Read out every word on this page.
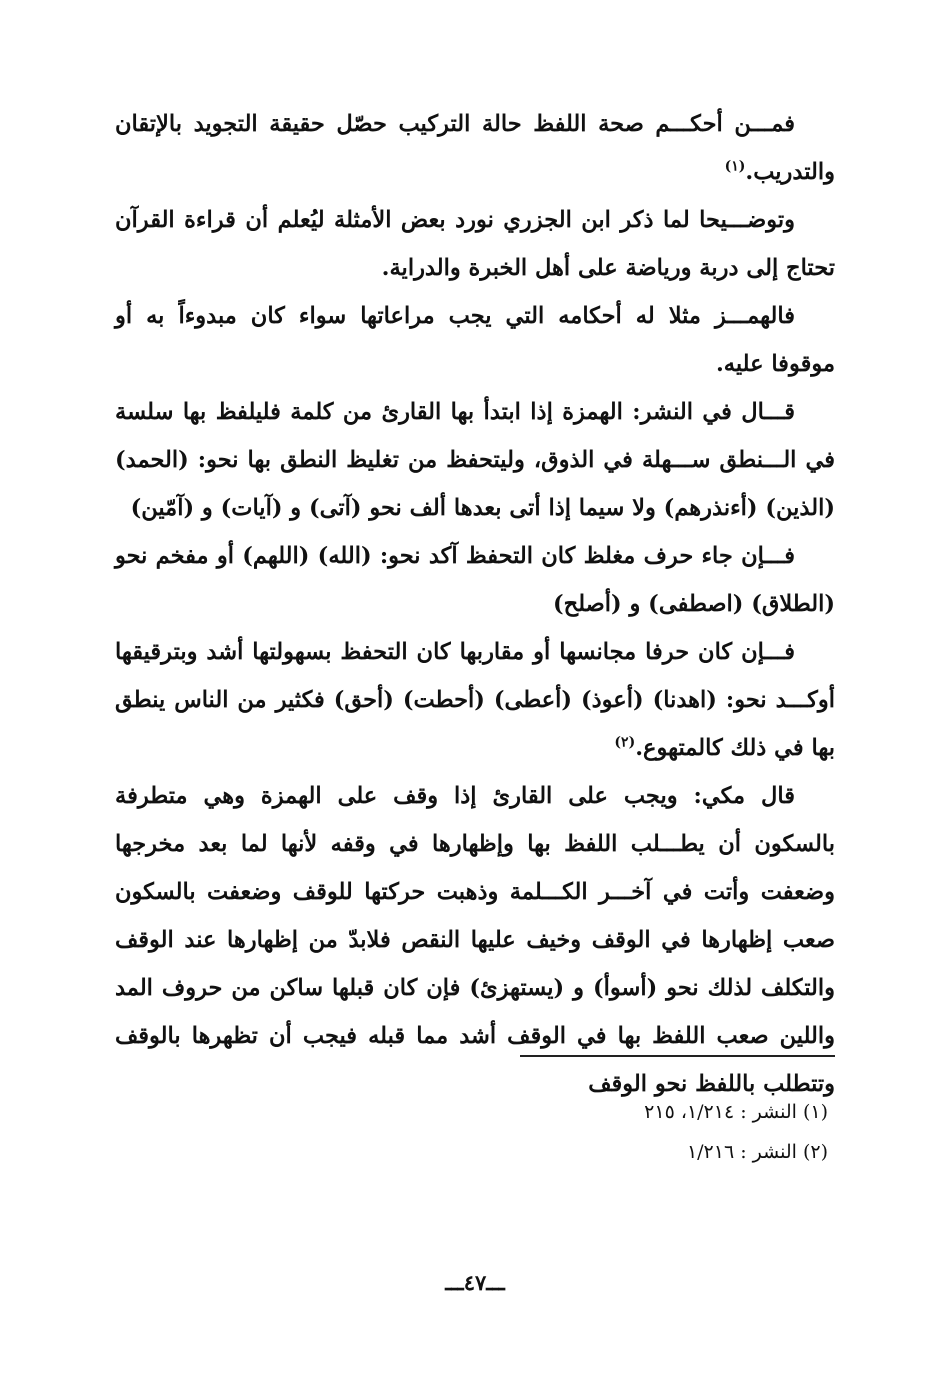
فمـــن أحكـــم صحة اللفظ حالة التركيب حصّل حقيقة التجويد بالإتقان والتدريب.$^{(١)}$

وتوضـــيحا لما ذكر ابن الجزري نورد بعض الأمثلة ليُعلم أن قراءة القرآن تحتاج إلى دربة ورياضة على أهل الخبرة والدراية.

فالهمـــز مثلا له أحكامه التي يجب مراعاتها سواء كان مبدوءاً به أو موقوفا عليه.

قـــال في النشر: الهمزة إذا ابتدأ بها القارئ من كلمة فليلفظ بها سلسة في الـــنطق ســـهلة في الذوق، وليتحفظ من تغليظ النطق بها نحو: (الحمد) (الذين) (أءنذرهم) ولا سيما إذا أتى بعدها ألف نحو (آتى) و (آيات) و (آمّين)

فـــإن جاء حرف مغلظ كان التحفظ آكد نحو: (الله) (اللهم) أو مفخم نحو (الطلاق) (اصطفى) و (أصلح)

فـــإن كان حرفا مجانسها أو مقاربها كان التحفظ بسهولتها أشد وبترقيقها أوكـــد نحو: (اهدنا) (أعوذ) (أعطى) (أحطت) (أحق) فكثير من الناس ينطق بها في ذلك كالمتهوع.$^{(٢)}$

قال مكي: ويجب على القارئ إذا وقف على الهمزة وهي متطرفة بالسكون أن يطـــلب اللفظ بها وإظهارها في وقفه لأنها لما بعد مخرجها وضعفت وأتت في آخـــر الكـــلمة وذهبت حركتها للوقف وضعفت بالسكون صعب إظهارها في الوقف وخيف عليها النقص فلابدّ من إظهارها عند الوقف والتكلف لذلك نحو (أسوأ) و (يستهزئ) فإن كان قبلها ساكن من حروف المد واللين صعب اللفظ بها في الوقف أشد مما قبله فيجب أن تظهرها بالوقف وتتطلب باللفظ نحو الوقف

(١) النشر : ١/٢١٤، ٢١٥

(٢) النشر : ١/٢١٦

ـــ٤٧ـــ
